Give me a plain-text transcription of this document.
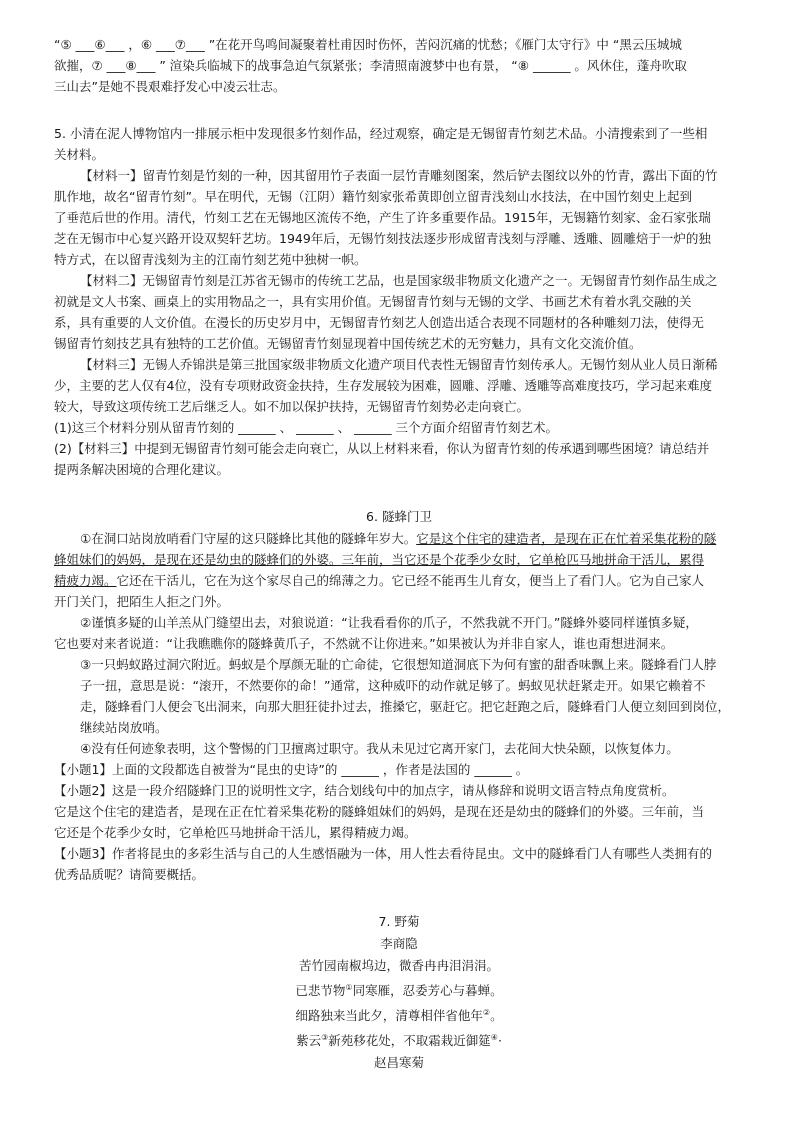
“⑤ ___⑥___ ，⑥ ___⑦___ ”在花开鸟鸣间凝聚着杜甫因时伤怀，苦闷沉痛的忧愁；《雁门太守行》中 “黑云压城城
欲摧，⑦ ___⑧___ ” 渲染兵临城下的战事急迫气氛紧张；李清照南渡梦中也有景， “⑧ ______ 。风休住，蓬舟吹取
三山去”是她不畏艰难抒发心中凌云壮志。
5. 小清在泥人博物馆内一排展示柜中发现很多竹刻作品，经过观察，确定是无锡留青竹刻艺术品。小清搜索到了一些相
关材料。
【材料一】留青竹刻是竹刻的一种，因其留用竹子表面一层竹青雕刻图案，然后铲去图纹以外的竹青，露出下面的竹
肌作地，故名“留青竹刻”。早在明代，无锡（江阴）籍竹刻家张希黄即创立留青浅刻山水技法，在中国竹刻史上起到
了垂范后世的作用。清代，竹刻工艺在无锡地区流传不绝，产生了许多重要作品。1915年，无锡籍竹刻家、金石家张瑞
芝在无锡市中心复兴路开设双契轩艺坊。1949年后，无锡竹刻技法逐步形成留青浅刻与浮雕、透雕、圆雕焙于一炉的独
特方式，在以留青浅刻为主的江南竹刻艺苑中独树一帜。
【材料二】无锡留青竹刻是江苏省无锡市的传统工艺品，也是国家级非物质文化遗产之一。无锡留青竹刻作品生成之
初就是文人书案、画桌上的实用物品之一，具有实用价值。无锡留青竹刻与无锡的文学、书画艺术有着水乳交融的关
系，具有重要的人文价值。在漫长的历史岁月中，无锡留青竹刻艺人创造出适合表现不同题材的各种雕刻刀法，使得无
锡留青竹刻技艺具有独特的工艺价值。无锡留青竹刻显现着中国传统艺术的无穷魅力，具有文化交流价值。
【材料三】无锡人乔锦洪是第三批国家级非物质文化遗产项目代表性无锡留青竹刻传承人。无锡竹刻从业人员日渐稀
少，主要的艺人仅有4位，没有专项财政资金扶持，生存发展较为困难，圆雕、浮雕、透雕等高难度技巧，学习起来难度
较大，导致这项传统工艺后继乏人。如不加以保护扶持，无锡留青竹刻势必走向衰亡。
(1)这三个材料分别从留青竹刻的 ______ 、 ______ 、 ______ 三个方面介绍留青竹刻艺术。
(2)【材料三】中提到无锡留青竹刻可能会走向衰亡，从以上材料来看，你认为留青竹刻的传承遇到哪些困境？请总结并
提两条解决困境的合理化建议。
6. 隧蜂门卫
①在洞口站岗放哨看门守屋的这只隧蜂比其他的隧蜂年岁大。它是这个住宅的建造者，是现在正在忙着采集花粉的隧
蜂姐妹们的妈妈，是现在还是幼虫的隧蜂们的外婆。三年前，当它还是个花季少女时，它单枪匹马地拼命干活儿，累得
精疲力竭。它还在干活儿，它在为这个家尽自己的绵薄之力。它已经不能再生儿育女，便当上了看门人。它为自己家人
开门关门，把陌生人拒之门外。
②谨慎多疑的山羊羔从门缝望出去，对狼说道：“让我看看你的爪子，不然我就不开门。”隧蜂外婆同样谨慎多疑，
它也要对来者说道：“让我瞧瞧你的隧蜂黄爪子，不然就不让你进来。”如果被认为并非自家人，谁也甭想进洞来。
③一只蚂蚁路过洞穴附近。蚂蚁是个厚颜无耻的亡命徒，它很想知道洞底下为何有蜜的甜香味飘上来。隧蜂看门人脖
子一扭，意思是说：“滚开，不然要你的命！”通常，这种威吓的动作就足够了。蚂蚁见状赶紧走开。如果它赖着不
走，隧蜂看门人便会飞出洞来，向那大胆狂徒扑过去，推搡它，驱赶它。把它赶跑之后，隧蜂看门人便立刻回到岗位，
继续站岗放哨。
④没有任何迹象表明，这个警惕的门卫擅离过职守。我从未见过它离开家门，去花间大快朵颐，以恢复体力。
【小题1】上面的文段都选自被誉为“昆虫的史诗”的 ______ ，作者是法国的 ______ 。
【小题2】这是一段介绍隧蜂门卫的说明性文字，结合划线句中的加点字，请从修辞和说明文语言特点角度赏析。
它是这个住宅的建造者，是现在正在忙着采集花粉的隧蜂姐妹们的妈妈，是现在还是幼虫的隧蜂们的外婆。三年前，当
它还是个花季少女时，它单枪匹马地拼命干活儿，累得精疲力竭。
【小题3】作者将昆虫的多彩生活与自己的人生感悟融为一体，用人性去看待昆虫。文中的隧蜂看门人有哪些人类拥有的
优秀品质呢？请简要概括。
7. 野菊
李商隐
苦竹园南椒坞边，微香冉冉泪涓涓。
已悲节物①同寒雁，忍委芳心与暮蝉。
细路独来当此夕，清尊相伴省他年②。
紫云③新苑移花处，不取霜栽近御筵④·
赵昌寒菊
